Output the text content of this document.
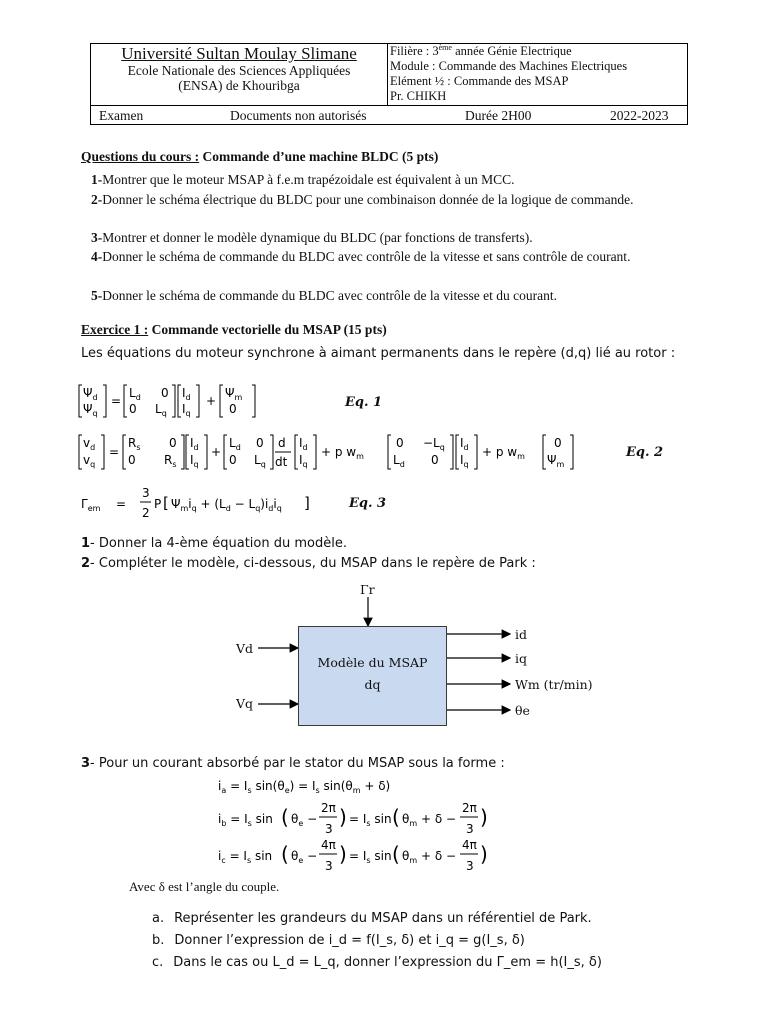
Université Sultan Moulay Slimane
Ecole Nationale des Sciences Appliquées
(ENSA) de Khouribga
Filière : 3ème année Génie Electrique
Module : Commande des Machines Electriques
Elément ½ : Commande des MSAP
Pr. CHIKH
Examen	Documents non autorisés	Durée 2H00	2022-2023
Questions du cours : Commande d’une machine BLDC (5 pts)
1-Montrer que le moteur MSAP à f.e.m trapézoidale est équivalent à un MCC.
2-Donner le schéma électrique du BLDC pour une combinaison donnée de la logique de commande.
3-Montrer et donner le modèle dynamique du BLDC (par fonctions de transferts).
4-Donner le schéma de commande du BLDC avec contrôle de la vitesse et sans contrôle de courant.
5-Donner le schéma de commande du BLDC avec contrôle de la vitesse et du courant.
Exercice 1 : Commande vectorielle du MSAP (15 pts)
Les équations du moteur synchrone à aimant permanents dans le repère (d,q) lié au rotor :
$\Psi_d$
$\Psi_q$
=
$L_d$ 0
0 $L_q$
$I_d$
$I_q$
+
$\Psi_m$
0	Eq. 1
$v_d$
$v_q$
=
$R_s$ 0
0 $R_s$
$I_d$
$I_q$
+
$L_d$ 0
0 $L_q$
d
dt
$I_d$
$I_q$
+ p $w_m$
$0 -L_q$
$L_d$ 0
$I_d$
$I_q$
+ p $w_m$
0
$\Psi_m$
Eq. 2
$\Gamma_{em}$ =
3
2
P [ $\Psi_mi_q + (L_d - L_q)i_di_q$ ]	Eq. 3
1- Donner la 4-ème équation du modèle.
2- Compléter le modèle, ci-dessous, du MSAP dans le repère de Park :
Modèle du MSAP
dq
Γr
Vd
Vq
id
iq
Wm (tr/min)
θe
3- Pour un courant absorbé par le stator du MSAP sous la forme :
$i_a = I_s$ $\sin(\theta_e) = I_s$ $\sin(\theta_m + \delta)$
$i_b = I_s$ sin ( $\theta_e$ −
2π
3 ) = $I_s$ sin ( $\theta_m + \delta$ −
2π
3 )
$i_c = I_s$ sin ( $\theta_e$ −
4π
3 ) = $I_s$ sin ( $\theta_m + \delta$ −
4π
3 )
Avec δ est l’angle du couple.
a. Représenter les grandeurs du MSAP dans un référentiel de Park.
b. Donner l’expression de i_d = f(I_s, δ) et i_q = g(I_s, δ)
c. Dans le cas ou L_d = L_q, donner l’expression du Γ_em = h(I_s, δ)
